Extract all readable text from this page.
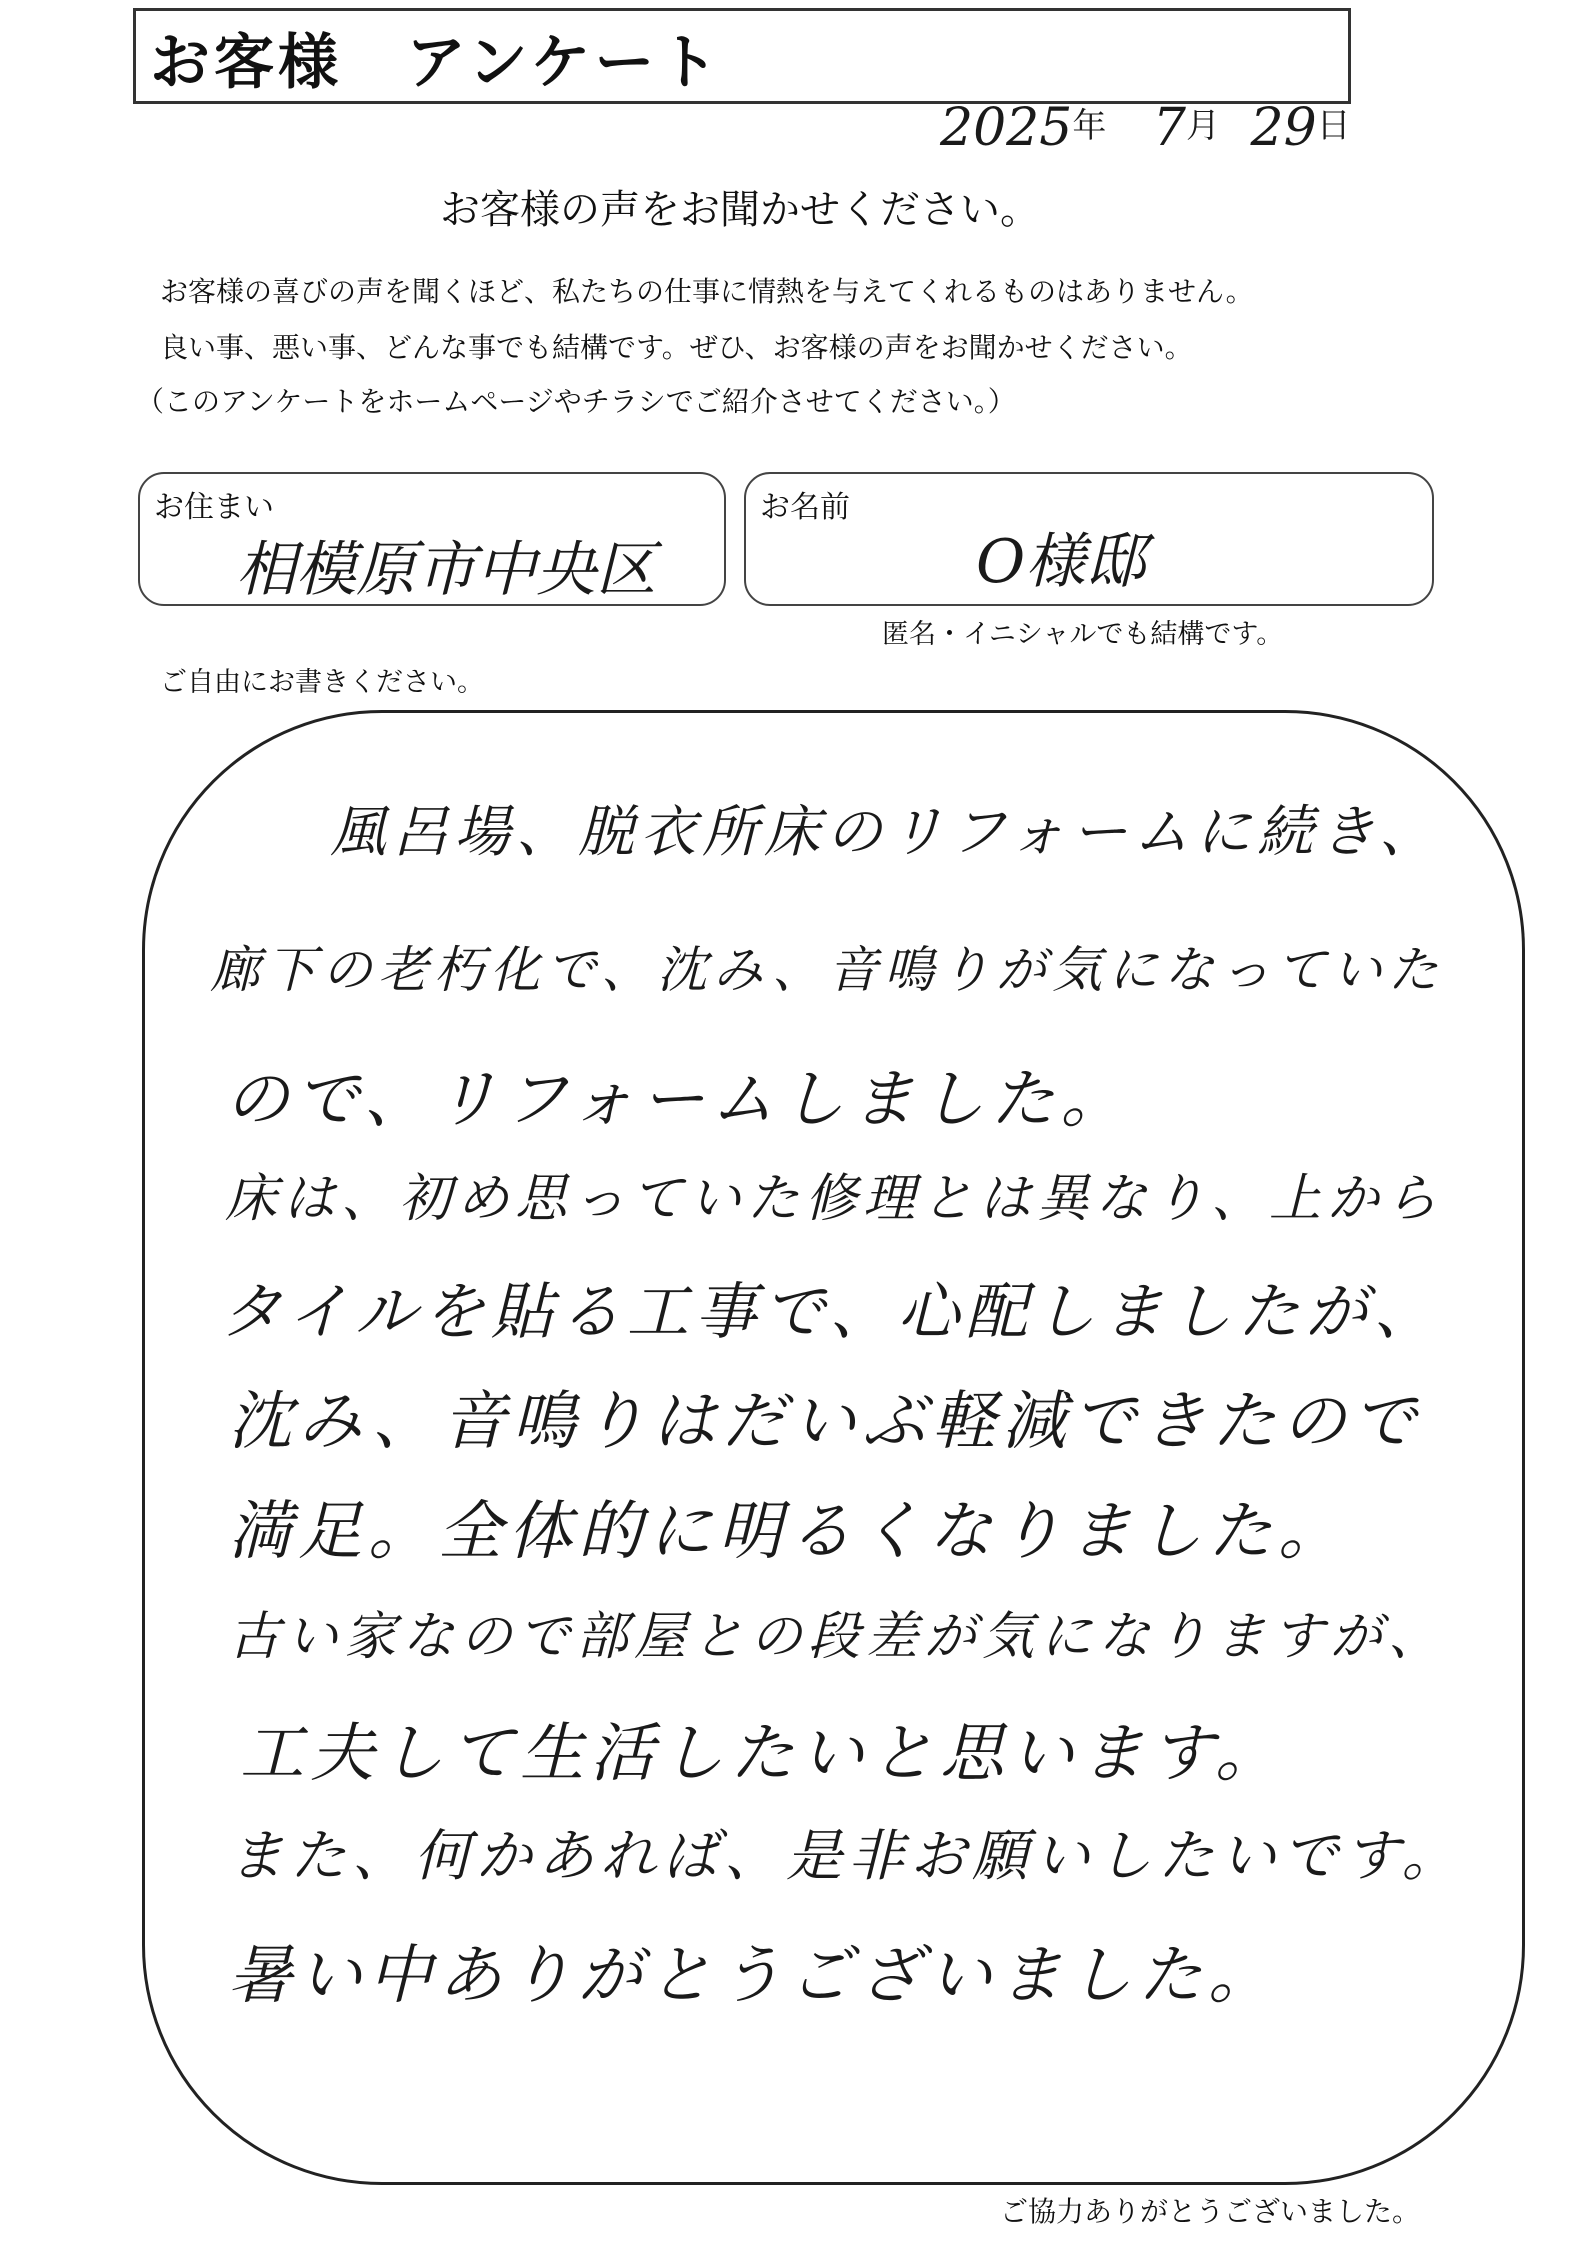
お客様　アンケート
2025年 7月 29日
お客様の声をお聞かせください。
お客様の喜びの声を聞くほど、私たちの仕事に情熱を与えてくれるものはありません。
良い事、悪い事、どんな事でも結構です。ぜひ、お客様の声をお聞かせください。
（このアンケートをホームページやチラシでご紹介させてください。）
お住まい
相模原市中央区
お名前
O様邸
匿名・イニシャルでも結構です。
ご自由にお書きください。
風呂場、脱衣所床のリフォームに続き、
廊下の老朽化で、沈み、音鳴りが気になっていた
ので、リフォームしました。
床は、初め思っていた修理とは異なり、上から
タイルを貼る工事で、心配しましたが、
沈み、音鳴りはだいぶ軽減できたので
満足。全体的に明るくなりました。
古い家なので部屋との段差が気になりますが、
工夫して生活したいと思います。
また、何かあれば、是非お願いしたいです。
暑い中ありがとうございました。
ご協力ありがとうございました。
